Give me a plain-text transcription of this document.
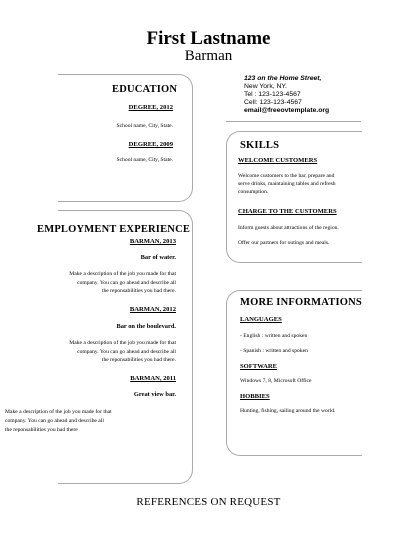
First Lastname
Barman
EDUCATION
DEGREE, 2012
School name, City, State.
DEGREE, 2009
School name, City, State.
123 on the Home Street,
New York, NY.
Tel : 123-123-4567
Cell: 123-123-4567
email@freeovtemplate.org
SKILLS
WELCOME CUSTOMERS
Welcome customers to the bar, prepare and
serve drinks, maintaining tables and refresh
consumption.
CHARGE TO THE CUSTOMERS
Inform guests about attractions of the region.
Offer our partners for outings and meals.
EMPLOYMENT EXPERIENCE
BARMAN, 2013
Bar of water.
Make a description of the job you made for that
company. You can go ahead and describe all
the reponsabilities you had there.
BARMAN, 2012
Bar on the boulevard.
Make a description of the job you made for that
company. You can go ahead and describe all
the reponsabilities you had there.
BARMAN, 2011
Great view bar.
Make a description of the job you made for that
company. You can go ahead and describe all
the reponsabilities you had there
MORE INFORMATIONS
LANGUAGES
- English : written and spoken
- Spanish : written and spoken
SOFTWARE
Windows 7, 8, Microsoft Office
HOBBIES
Hunting, fishing, sailing around the world.
REFERENCES ON REQUEST
